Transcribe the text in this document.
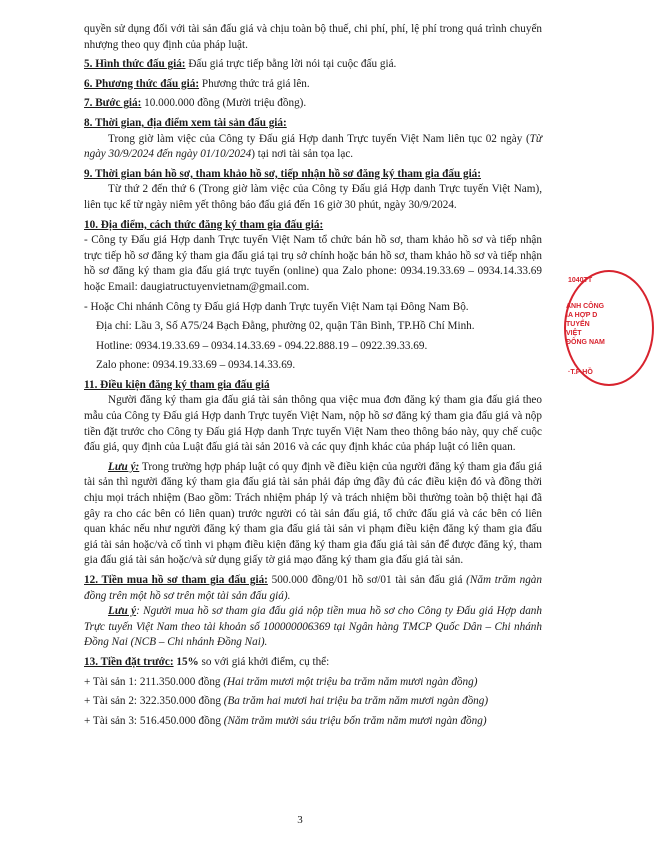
quyền sử dụng đối với tài sản đấu giá và chịu toàn bộ thuế, chi phí, phí, lệ phí trong quá trình chuyển nhượng theo quy định của pháp luật.

5. Hình thức đấu giá: Đấu giá trực tiếp bằng lời nói tại cuộc đấu giá.

6. Phương thức đấu giá: Phương thức trả giá lên.

7. Bước giá: 10.000.000 đồng (Mười triệu đồng).

8. Thời gian, địa điểm xem tài sản đấu giá:

Trong giờ làm việc của Công ty Đấu giá Hợp danh Trực tuyến Việt Nam liên tục 02 ngày (Từ ngày 30/9/2024 đến ngày 01/10/2024) tại nơi tài sản tọa lạc.

9. Thời gian bán hồ sơ, tham khảo hồ sơ, tiếp nhận hồ sơ đăng ký tham gia đấu giá:

Từ thứ 2 đến thứ 6 (Trong giờ làm việc của Công ty Đấu giá Hợp danh Trực tuyến Việt Nam), liên tục kể từ ngày niêm yết thông báo đấu giá đến 16 giờ 30 phút, ngày 30/9/2024.

10. Địa điểm, cách thức đăng ký tham gia đấu giá:

- Công ty Đấu giá Hợp danh Trực tuyến Việt Nam tổ chức bán hồ sơ, tham khảo hồ sơ và tiếp nhận trực tiếp hồ sơ đăng ký tham gia đấu giá tại trụ sở chính hoặc bán hồ sơ, tham khảo hồ sơ và tiếp nhận hồ sơ đăng ký tham gia đấu giá trực tuyến (online) qua Zalo phone: 0934.19.33.69 – 0934.14.33.69 hoặc Email: daugiatructuyenvietnam@gmail.com.

- Hoặc Chi nhánh Công ty Đấu giá Hợp danh Trực tuyến Việt Nam tại Đông Nam Bộ.

Địa chỉ: Lầu 3, Số A75/24 Bạch Đằng, phường 02, quận Tân Bình, TP.Hồ Chí Minh.

Hotline: 0934.19.33.69 – 0934.14.33.69 - 094.22.888.19 – 0922.39.33.69.

Zalo phone: 0934.19.33.69 – 0934.14.33.69.

11. Điều kiện đăng ký tham gia đấu giá

Người đăng ký tham gia đấu giá tài sản thông qua việc mua đơn đăng ký tham gia đấu giá theo mẫu của Công ty Đấu giá Hợp danh Trực tuyến Việt Nam, nộp hồ sơ đăng ký tham gia đấu giá và nộp tiền đặt trước cho Công ty Đấu giá Hợp danh Trực tuyến Việt Nam theo thông báo này, quy chế cuộc đấu giá, quy định của Luật đấu giá tài sản 2016 và các quy định khác của pháp luật có liên quan.

Lưu ý: Trong trường hợp pháp luật có quy định về điều kiện của người đăng ký tham gia đấu giá tài sản thì người đăng ký tham gia đấu giá tài sản phải đáp ứng đầy đủ các điều kiện đó và đồng thời chịu mọi trách nhiệm (Bao gồm: Trách nhiệm pháp lý và trách nhiệm bồi thường toàn bộ thiệt hại đã gây ra cho các bên có liên quan) trước người có tài sản đấu giá, tổ chức đấu giá và các bên có liên quan khác nếu như người đăng ký tham gia đấu giá tài sản vi phạm điều kiện đăng ký tham gia đấu giá tài sản hoặc/và cố tình vi phạm điều kiện đăng ký tham gia đấu giá tài sản để được đăng ký, tham gia đấu giá tài sản hoặc/và sử dụng giấy tờ giả mạo đăng ký tham gia đấu giá tài sản.

12. Tiền mua hồ sơ tham gia đấu giá: 500.000 đồng/01 hồ sơ/01 tài sản đấu giá (Năm trăm ngàn đồng trên một hồ sơ trên một tài sản đấu giá).

Lưu ý: Người mua hồ sơ tham gia đấu giá nộp tiền mua hồ sơ cho Công ty Đấu giá Hợp danh Trực tuyến Việt Nam theo tài khoản số 100000006369 tại Ngân hàng TMCP Quốc Dân – Chi nhánh Đồng Nai (NCB – Chi nhánh Đồng Nai).

13. Tiền đặt trước: 15% so với giá khởi điểm, cụ thể:

+ Tài sản 1: 211.350.000 đồng (Hai trăm mươi một triệu ba trăm năm mươi ngàn đồng)

+ Tài sản 2: 322.350.000 đồng (Ba trăm hai mươi hai triệu ba trăm năm mươi ngàn đồng)

+ Tài sản 3: 516.450.000 đồng (Năm trăm mười sáu triệu bốn trăm năm mươi ngàn đồng)

1040TT
ANH CÔNG
IA HỢP D
TUYẾN VIỆT
ĐÔNG NAM
·T.P HỒ
3
